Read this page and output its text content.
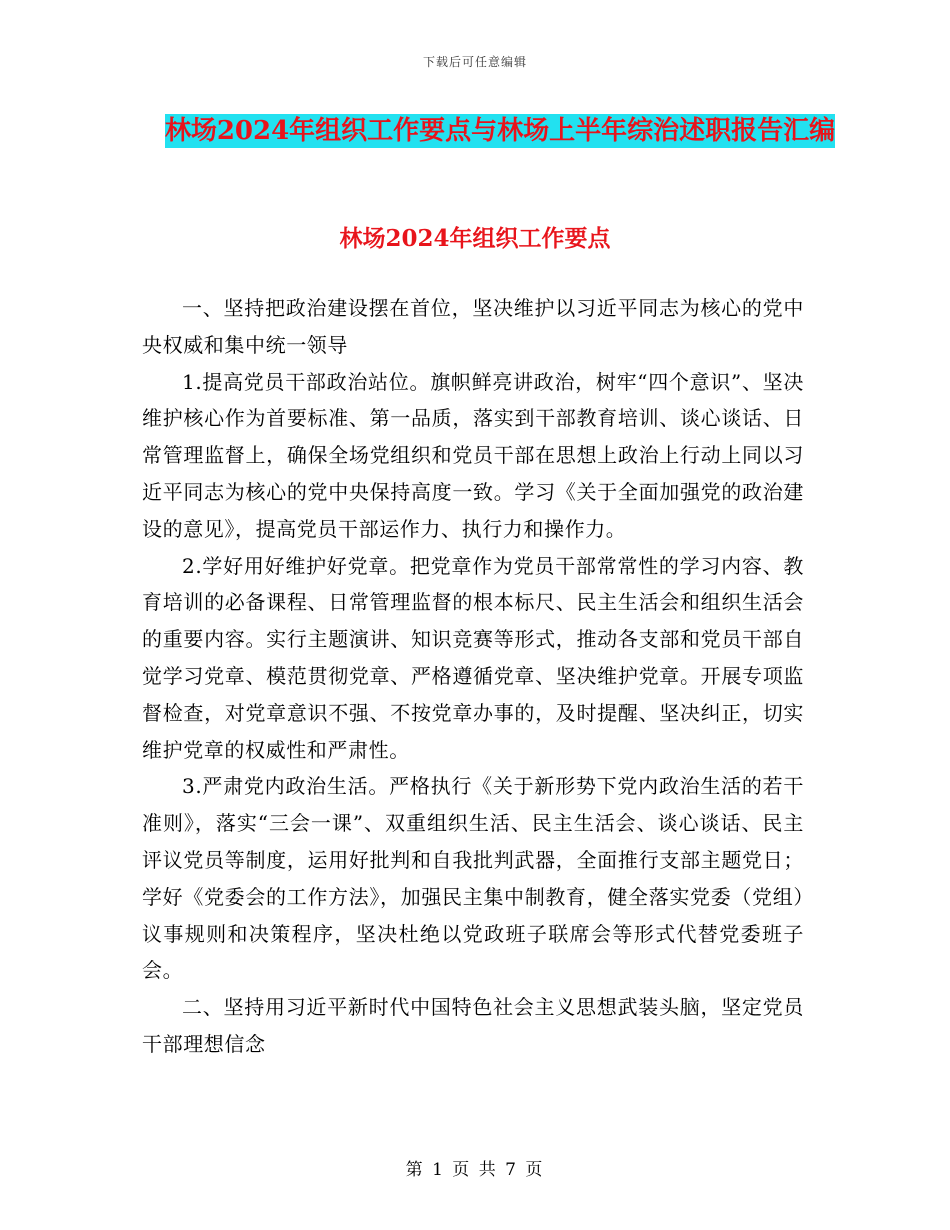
下载后可任意编辑
林场2024年组织工作要点与林场上半年综治述职报告汇编
林场2024年组织工作要点

一、坚持把政治建设摆在首位，坚决维护以习近平同志为核心的党中央权威和集中统一领导

1.提高党员干部政治站位。旗帜鲜亮讲政治，树牢“四个意识”、坚决维护核心作为首要标准、第一品质，落实到干部教育培训、谈心谈话、日常管理监督上，确保全场党组织和党员干部在思想上政治上行动上同以习近平同志为核心的党中央保持高度一致。学习《关于全面加强党的政治建设的意见》，提高党员干部运作力、执行力和操作力。

2.学好用好维护好党章。把党章作为党员干部常常性的学习内容、教育培训的必备课程、日常管理监督的根本标尺、民主生活会和组织生活会的重要内容。实行主题演讲、知识竞赛等形式，推动各支部和党员干部自觉学习党章、模范贯彻党章、严格遵循党章、坚决维护党章。开展专项监督检查，对党章意识不强、不按党章办事的，及时提醒、坚决纠正，切实维护党章的权威性和严肃性。

3.严肃党内政治生活。严格执行《关于新形势下党内政治生活的若干准则》，落实“三会一课”、双重组织生活、民主生活会、谈心谈话、民主评议党员等制度，运用好批判和自我批判武器，全面推行支部主题党日；学好《党委会的工作方法》，加强民主集中制教育，健全落实党委（党组）议事规则和决策程序，坚决杜绝以党政班子联席会等形式代替党委班子会。

二、坚持用习近平新时代中国特色社会主义思想武装头脑，坚定党员干部理想信念

第 1 页 共 7 页
